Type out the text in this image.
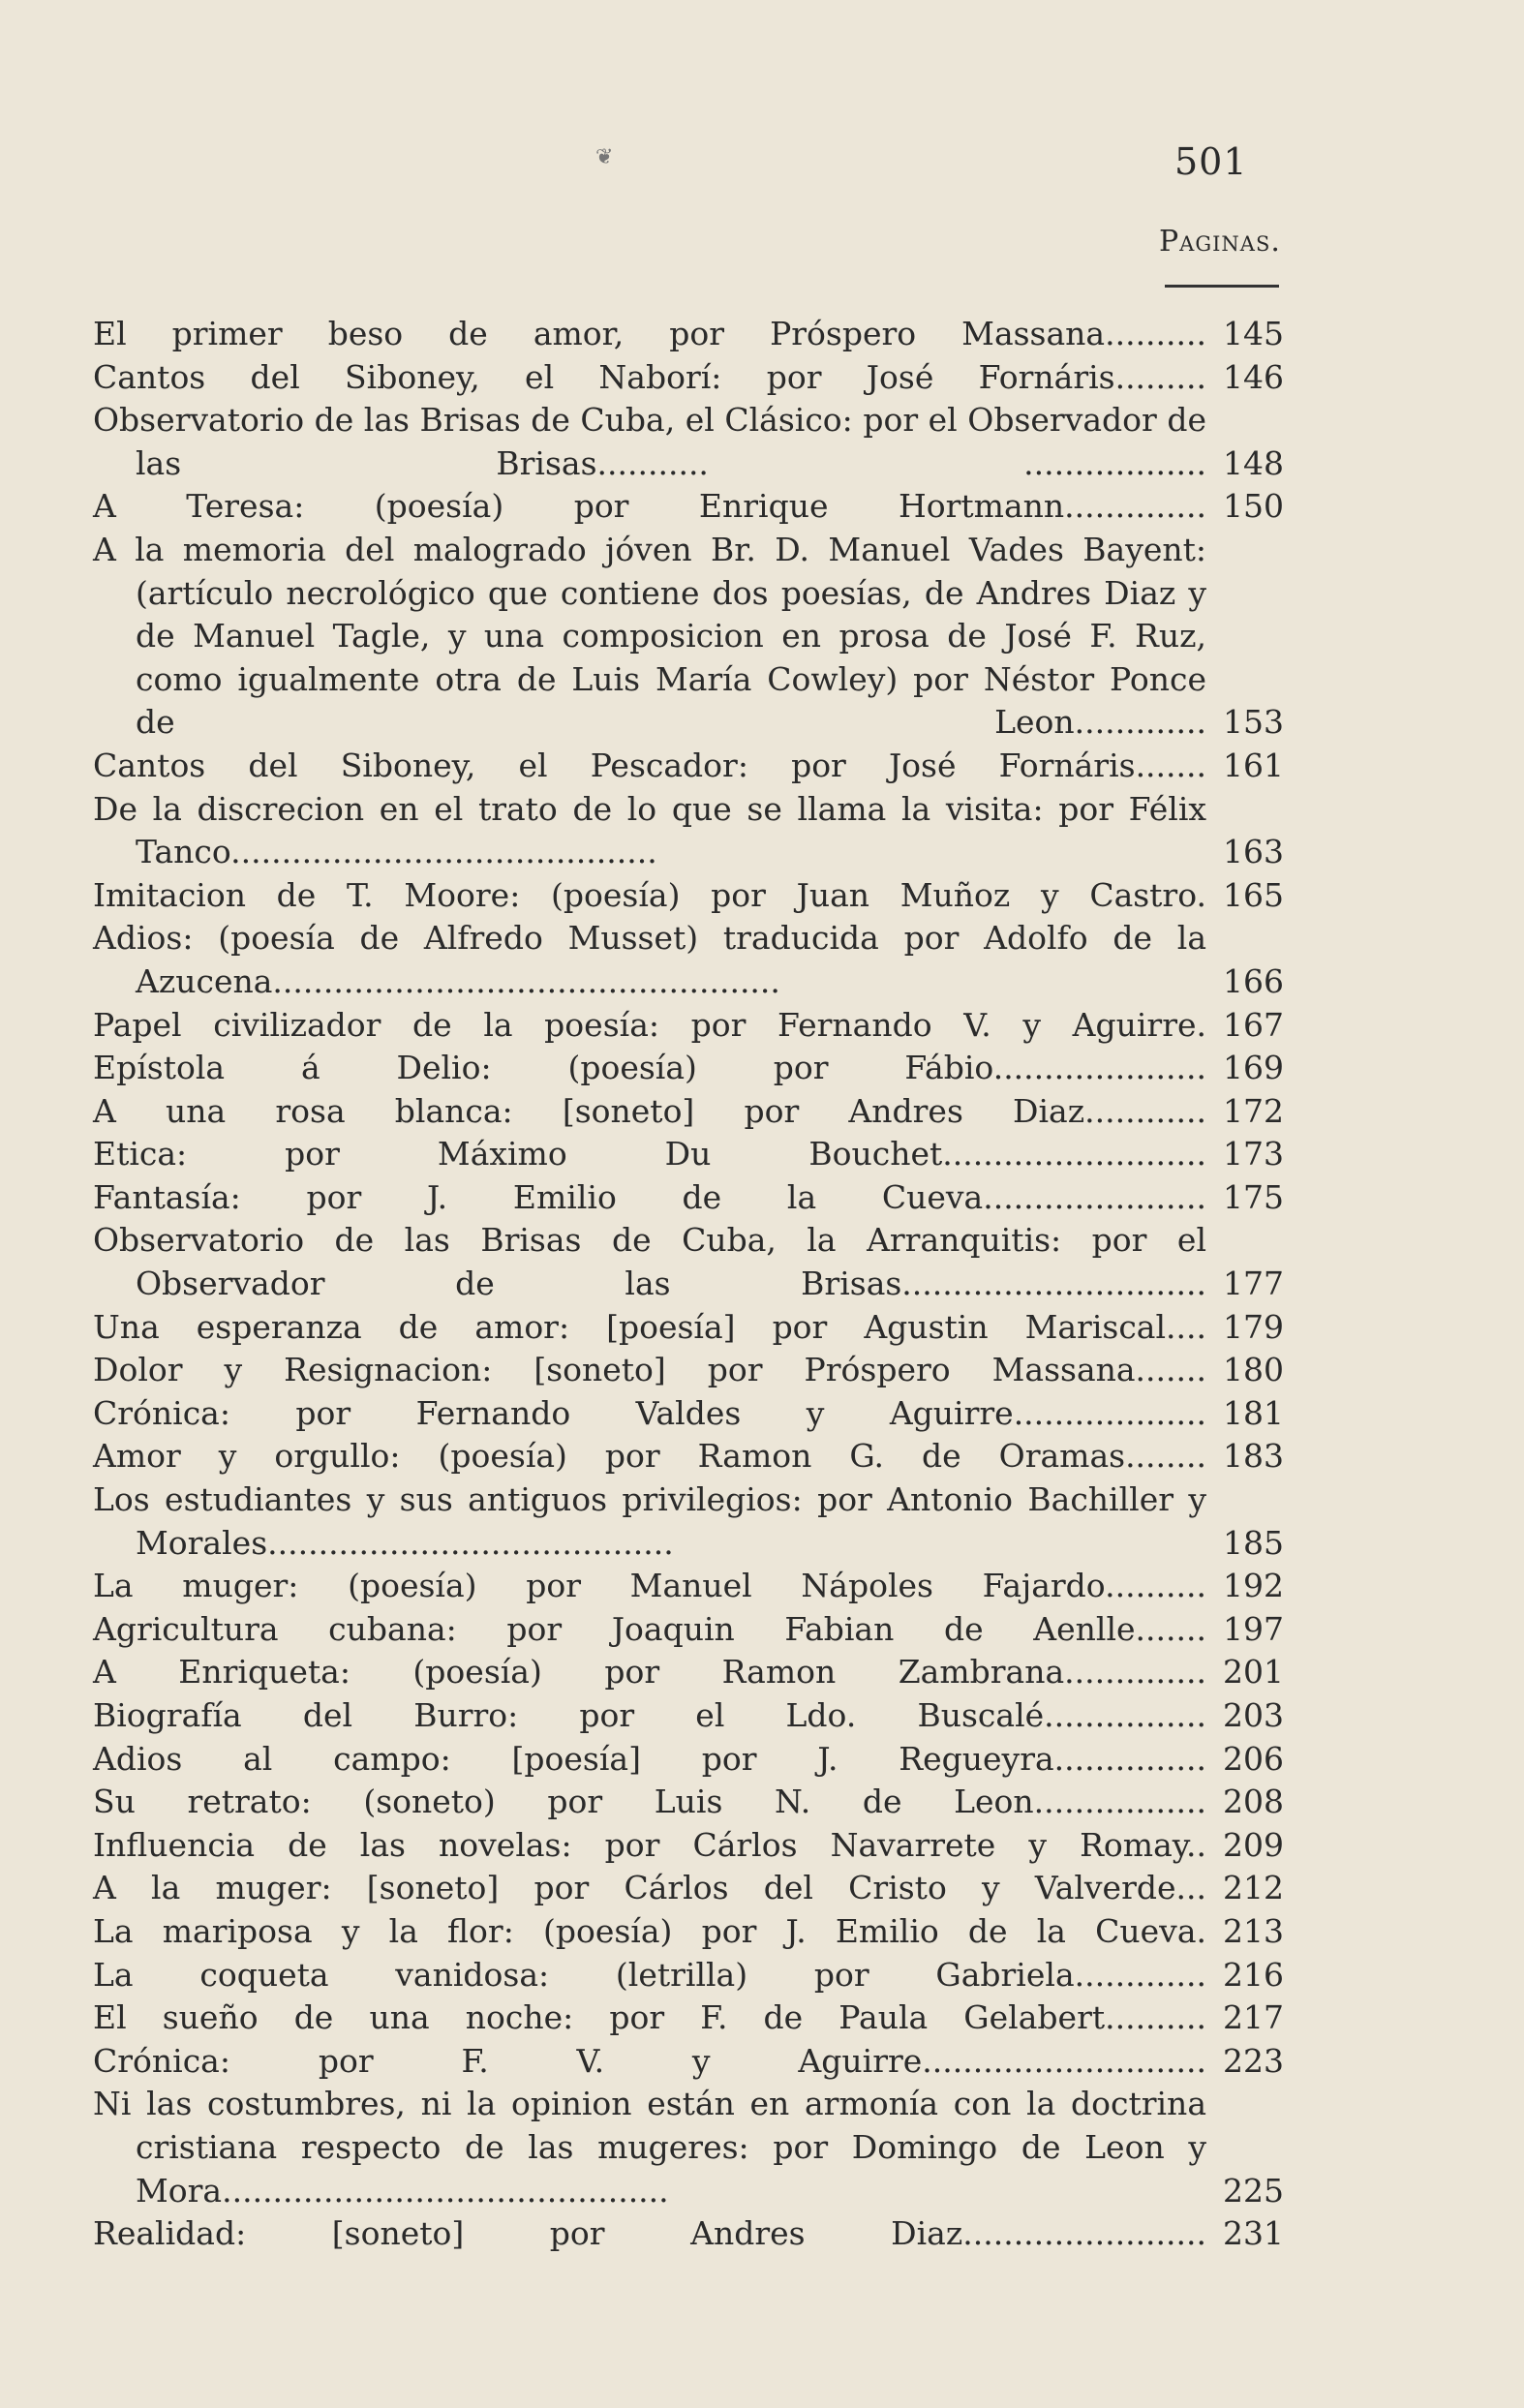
❦	501
Paginas.
El primer beso de amor, por Próspero Massana.......... 145
Cantos del Siboney, el Naborí: por José Fornáris......... 146
Observatorio de las Brisas de Cuba, el Clásico: por el Observador de las Brisas........... .................. 148
A Teresa: (poesía) por Enrique Hortmann.............. 150
A la memoria del malogrado jóven Br. D. Manuel Vades Bayent: (artículo necrológico que contiene dos poesías, de Andres Diaz y de Manuel Tagle, y una composicion en prosa de José F. Ruz, como igualmente otra de Luis María Cowley) por Néstor Ponce de Leon............. 153
Cantos del Siboney, el Pescador: por José Fornáris....... 161
De la discrecion en el trato de lo que se llama la visita: por Félix Tanco..........................................	163
Imitacion de T. Moore: (poesía) por Juan Muñoz y Castro. 165
Adios: (poesía de Alfredo Musset) traducida por Adolfo de la Azucena..................................................	166
Papel civilizador de la poesía: por Fernando V. y Aguirre. 167
Epístola á Delio: (poesía) por Fábio..................... 169
A una rosa blanca: [soneto] por Andres Diaz............ 172
Etica: por Máximo Du Bouchet.......................... 173
Fantasía: por J. Emilio de la Cueva...................... 175
Observatorio de las Brisas de Cuba, la Arranquitis: por el Observador de las Brisas.............................. 177
Una esperanza de amor: [poesía] por Agustin Mariscal.... 179
Dolor y Resignacion: [soneto] por Próspero Massana....... 180
Crónica: por Fernando Valdes y Aguirre................... 181
Amor y orgullo: (poesía) por Ramon G. de Oramas........ 183
Los estudiantes y sus antiguos privilegios: por Antonio Bachiller y Morales........................................	185
La muger: (poesía) por Manuel Nápoles Fajardo.......... 192
Agricultura cubana: por Joaquin Fabian de Aenlle....... 197
A Enriqueta: (poesía) por Ramon Zambrana.............. 201
Biografía del Burro: por el Ldo. Buscalé................ 203
Adios al campo: [poesía] por J. Regueyra............... 206
Su retrato: (soneto) por Luis N. de Leon................. 208
Influencia de las novelas: por Cárlos Navarrete y Romay.. 209
A la muger: [soneto] por Cárlos del Cristo y Valverde... 212
La mariposa y la flor: (poesía) por J. Emilio de la Cueva. 213
La coqueta vanidosa: (letrilla) por Gabriela............. 216
El sueño de una noche: por F. de Paula Gelabert.......... 217
Crónica: por F. V. y Aguirre............................ 223
Ni las costumbres, ni la opinion están en armonía con la doctrina cristiana respecto de las mugeres: por Domingo de Leon y Mora............................................	225
Realidad: [soneto] por Andres Diaz........................ 231
